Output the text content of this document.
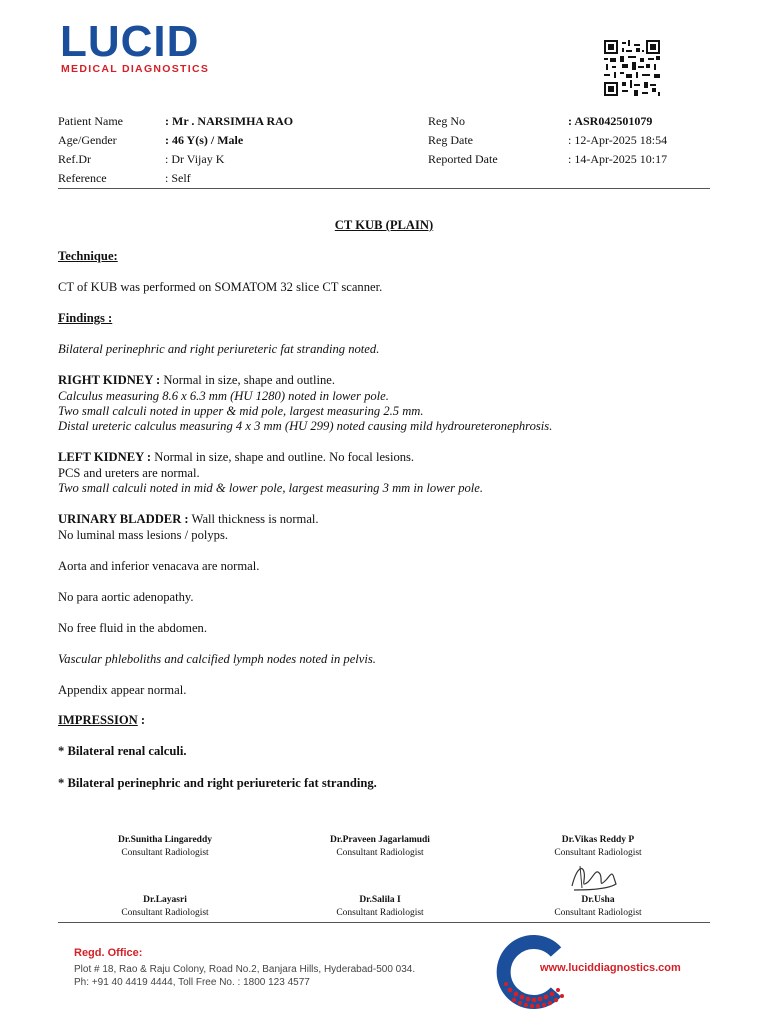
LUCID
MEDICAL DIAGNOSTICS
Patient Name	: Mr . NARSIMHA RAO
Age/Gender	: 46 Y(s) / Male
Ref.Dr	: Dr Vijay K
Reference	: Self
Reg No	: ASR042501079
Reg Date	: 12-Apr-2025 18:54
Reported Date	: 14-Apr-2025 10:17
CT KUB (PLAIN)
Technique:
CT of KUB was performed on SOMATOM 32 slice CT scanner.
Findings :
Bilateral perinephric and right periureteric fat stranding noted.
RIGHT KIDNEY : Normal in size, shape and outline.
Calculus measuring 8.6 x 6.3 mm (HU 1280) noted in lower pole.
Two small calculi noted in upper & mid pole, largest measuring 2.5 mm.
Distal ureteric calculus measuring 4 x 3 mm (HU 299) noted causing mild hydroureteronephrosis.
LEFT KIDNEY : Normal in size, shape and outline. No focal lesions.
PCS and ureters are normal.
Two small calculi noted in mid & lower pole, largest measuring 3 mm in lower pole.
URINARY BLADDER : Wall thickness is normal.
No luminal mass lesions / polyps.
Aorta and inferior venacava are normal.
No para aortic adenopathy.
No free fluid in the abdomen.
Vascular phleboliths and calcified lymph nodes noted in pelvis.
Appendix appear normal.
IMPRESSION :
* Bilateral renal calculi.
* Bilateral perinephric and right periureteric fat stranding.
Dr.Sunitha Lingareddy
Consultant Radiologist
Dr.Praveen Jagarlamudi
Consultant Radiologist
Dr.Vikas Reddy P
Consultant Radiologist
Dr.Layasri
Consultant Radiologist
Dr.Salila I
Consultant Radiologist
Dr.Usha
Consultant Radiologist
Regd. Office:
Plot # 18, Rao & Raju Colony, Road No.2, Banjara Hills, Hyderabad-500 034.
Ph: +91 40 4419 4444, Toll Free No. : 1800 123 4577
www.luciddiagnostics.com
